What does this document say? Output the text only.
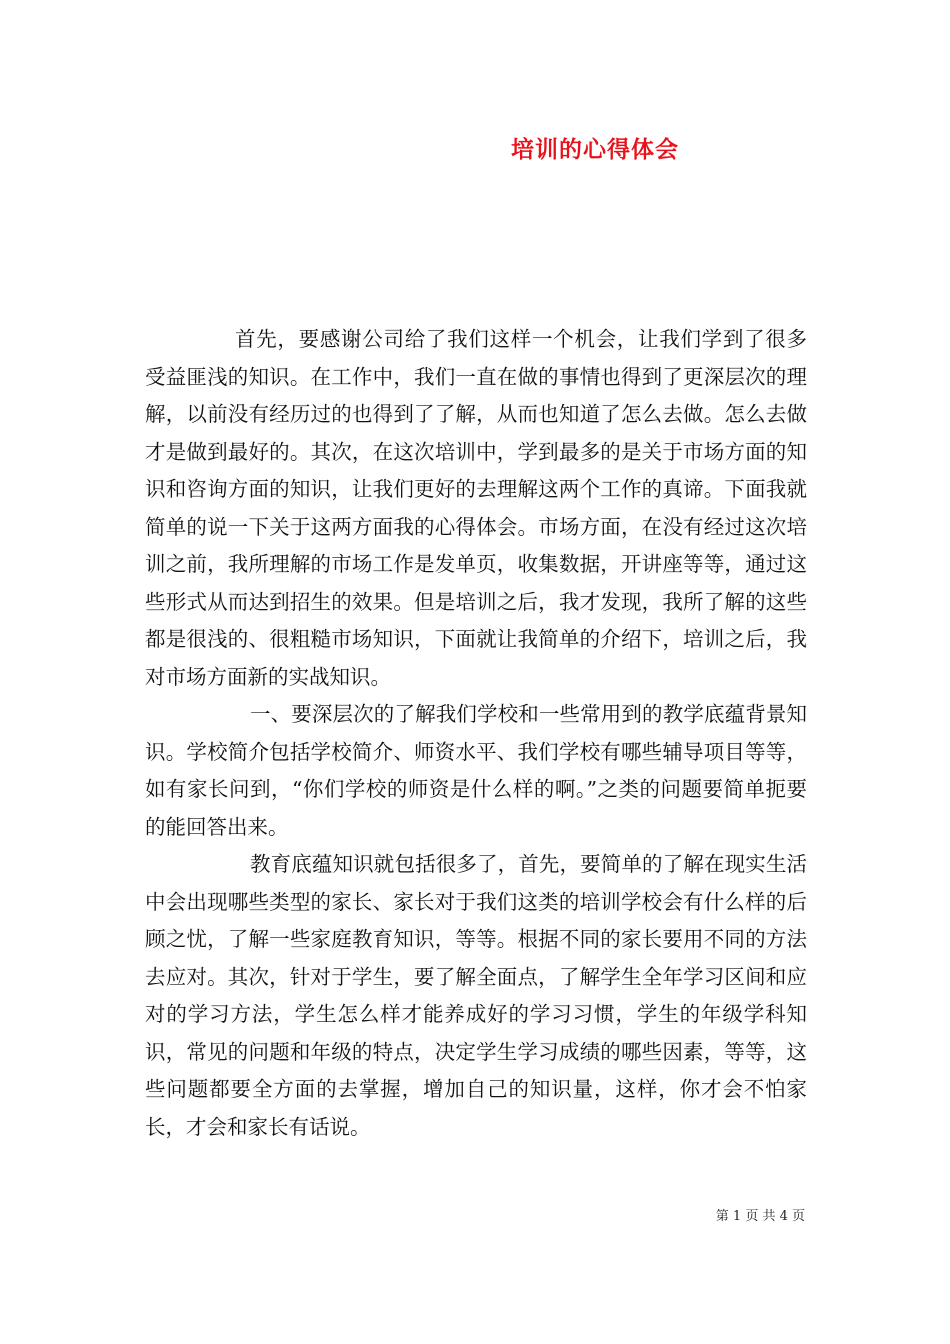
培训的心得体会

首先，要感谢公司给了我们这样一个机会，让我们学到了很多受益匪浅的知识。在工作中，我们一直在做的事情也得到了更深层次的理解，以前没有经历过的也得到了了解，从而也知道了怎么去做。怎么去做才是做到最好的。其次，在这次培训中，学到最多的是关于市场方面的知识和咨询方面的知识，让我们更好的去理解这两个工作的真谛。下面我就简单的说一下关于这两方面我的心得体会。市场方面，在没有经过这次培训之前，我所理解的市场工作是发单页，收集数据，开讲座等等，通过这些形式从而达到招生的效果。但是培训之后，我才发现，我所了解的这些都是很浅的、很粗糙市场知识，下面就让我简单的介绍下，培训之后，我对市场方面新的实战知识。

一、要深层次的了解我们学校和一些常用到的教学底蕴背景知识。学校简介包括学校简介、师资水平、我们学校有哪些辅导项目等等，如有家长问到，“你们学校的师资是什么样的啊。”之类的问题要简单扼要的能回答出来。

教育底蕴知识就包括很多了，首先，要简单的了解在现实生活中会出现哪些类型的家长、家长对于我们这类的培训学校会有什么样的后顾之忧，了解一些家庭教育知识，等等。根据不同的家长要用不同的方法去应对。其次，针对于学生，要了解全面点，了解学生全年学习区间和应对的学习方法，学生怎么样才能养成好的学习习惯，学生的年级学科知识，常见的问题和年级的特点，决定学生学习成绩的哪些因素，等等，这些问题都要全方面的去掌握，增加自己的知识量，这样，你才会不怕家长，才会和家长有话说。

第 1 页 共 4 页
